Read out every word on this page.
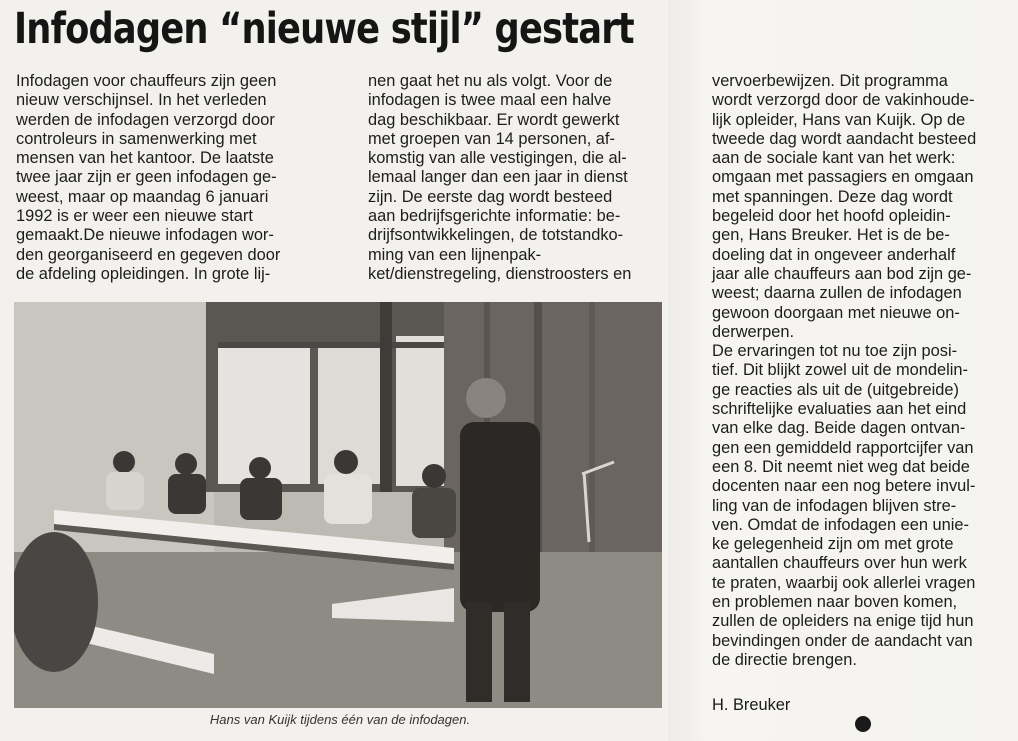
Infodagen “nieuwe stijl” gestart

Infodagen voor chauffeurs zijn geen
nieuw verschijnsel. In het verleden
werden de infodagen verzorgd door
controleurs in samenwerking met
mensen van het kantoor. De laatste
twee jaar zijn er geen infodagen ge-
weest, maar op maandag 6 januari
1992 is er weer een nieuwe start
gemaakt.De nieuwe infodagen wor-
den georganiseerd en gegeven door
de afdeling opleidingen. In grote lij-

nen gaat het nu als volgt. Voor de
infodagen is twee maal een halve
dag beschikbaar. Er wordt gewerkt
met groepen van 14 personen, af-
komstig van alle vestigingen, die al-
lemaal langer dan een jaar in dienst
zijn. De eerste dag wordt besteed
aan bedrijfsgerichte informatie: be-
drijfsontwikkelingen, de totstandko-
ming van een lijnenpak-
ket/dienstregeling, dienstroosters en

vervoerbewijzen. Dit programma
wordt verzorgd door de vakinhoude-
lijk opleider, Hans van Kuijk. Op de
tweede dag wordt aandacht besteed
aan de sociale kant van het werk:
omgaan met passagiers en omgaan
met spanningen. Deze dag wordt
begeleid door het hoofd opleidin-
gen, Hans Breuker. Het is de be-
doeling dat in ongeveer anderhalf
jaar alle chauffeurs aan bod zijn ge-
weest; daarna zullen de infodagen
gewoon doorgaan met nieuwe on-
derwerpen.
De ervaringen tot nu toe zijn posi-
tief. Dit blijkt zowel uit de mondelin-
ge reacties als uit de (uitgebreide)
schriftelijke evaluaties aan het eind
van elke dag. Beide dagen ontvan-
gen een gemiddeld rapportcijfer van
een 8. Dit neemt niet weg dat beide
docenten naar een nog betere invul-
ling van de infodagen blijven stre-
ven. Omdat de infodagen een unie-
ke gelegenheid zijn om met grote
aantallen chauffeurs over hun werk
te praten, waarbij ook allerlei vragen
en problemen naar boven komen,
zullen de opleiders na enige tijd hun
bevindingen onder de aandacht van
de directie brengen.

H. Breuker
Hans van Kuijk tijdens één van de infodagen.
